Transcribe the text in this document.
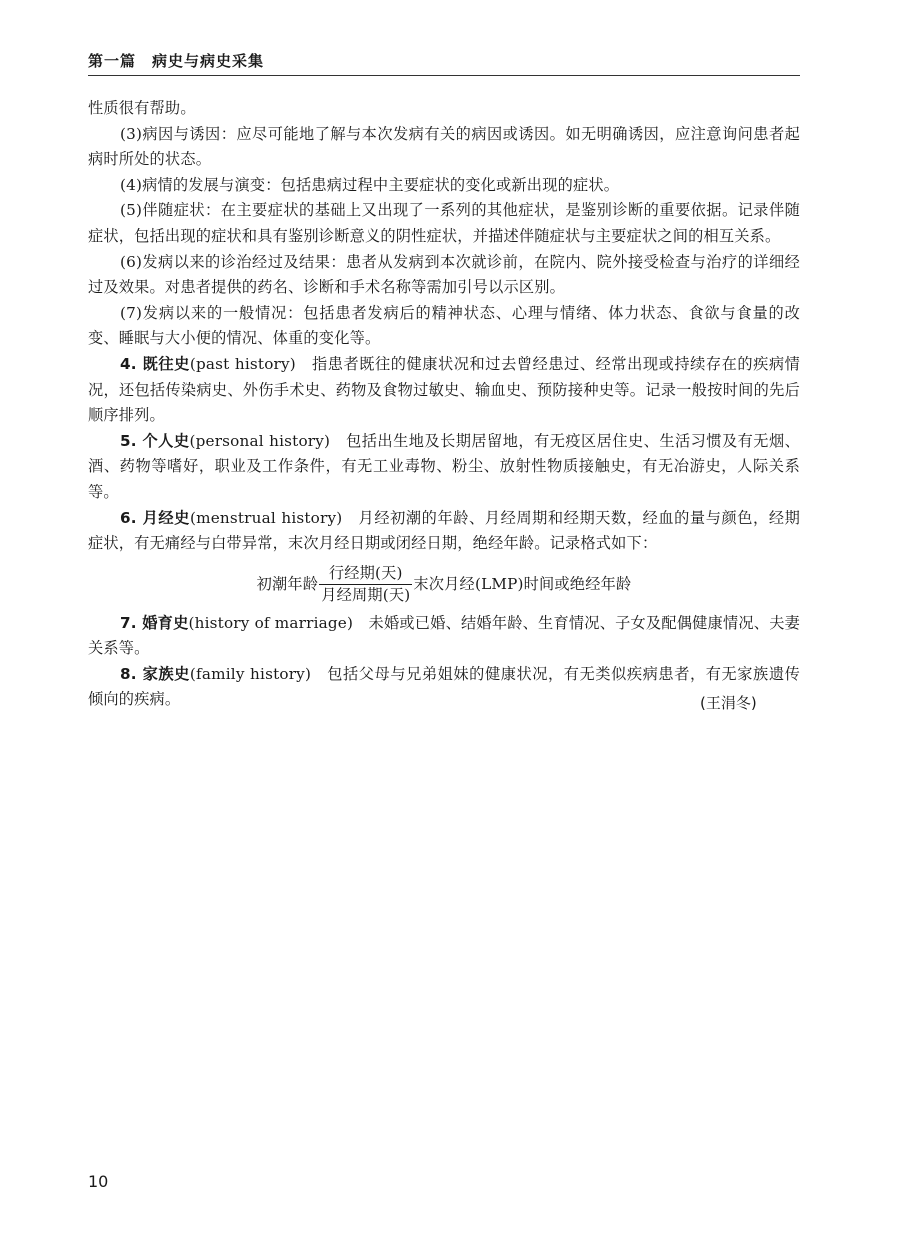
第一篇　病史与病史采集

性质很有帮助。

(3)病因与诱因：应尽可能地了解与本次发病有关的病因或诱因。如无明确诱因，应注意询问患者起病时所处的状态。

(4)病情的发展与演变：包括患病过程中主要症状的变化或新出现的症状。

(5)伴随症状：在主要症状的基础上又出现了一系列的其他症状，是鉴别诊断的重要依据。记录伴随症状，包括出现的症状和具有鉴别诊断意义的阴性症状，并描述伴随症状与主要症状之间的相互关系。

(6)发病以来的诊治经过及结果：患者从发病到本次就诊前，在院内、院外接受检查与治疗的详细经过及效果。对患者提供的药名、诊断和手术名称等需加引号以示区别。

(7)发病以来的一般情况：包括患者发病后的精神状态、心理与情绪、体力状态、食欲与食量的改变、睡眠与大小便的情况、体重的变化等。

4. 既往史(past history)　指患者既往的健康状况和过去曾经患过、经常出现或持续存在的疾病情况，还包括传染病史、外伤手术史、药物及食物过敏史、输血史、预防接种史等。记录一般按时间的先后顺序排列。

5. 个人史(personal history)　包括出生地及长期居留地，有无疫区居住史、生活习惯及有无烟、酒、药物等嗜好，职业及工作条件，有无工业毒物、粉尘、放射性物质接触史，有无冶游史，人际关系等。

6. 月经史(menstrual history)　月经初潮的年龄、月经周期和经期天数，经血的量与颜色，经期症状，有无痛经与白带异常，末次月经日期或闭经日期，绝经年龄。记录格式如下：

初潮年龄 $\frac{\text{行经期(天)}}{\text{月经周期(天)}}$ 末次月经(LMP)时间或绝经年龄

7. 婚育史(history of marriage)　未婚或已婚、结婚年龄、生育情况、子女及配偶健康情况、夫妻关系等。

8. 家族史(family history)　包括父母与兄弟姐妹的健康状况，有无类似疾病患者，有无家族遗传倾向的疾病。	(王涓冬)
10
